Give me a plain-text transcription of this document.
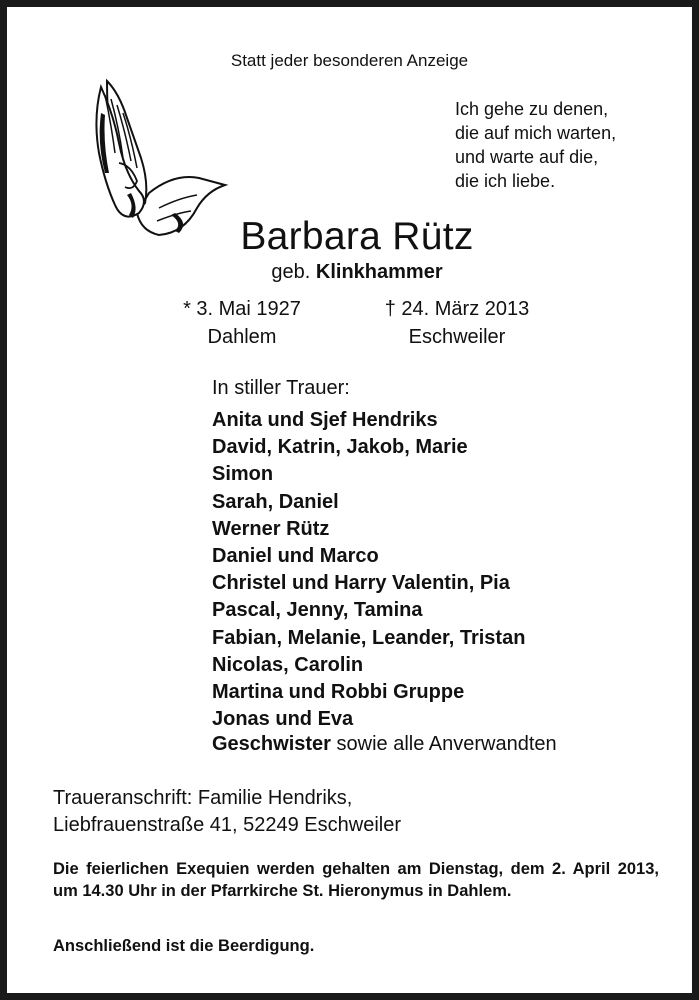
Statt jeder besonderen Anzeige
Ich gehe zu denen,
die auf mich warten,
und warte auf die,
die ich liebe.
Barbara Rütz
geb. Klinkhammer
* 3. Mai 1927
Dahlem
† 24. März 2013
Eschweiler
In stiller Trauer:
Anita und Sjef Hendriks
David, Katrin, Jakob, Marie
Simon
Sarah, Daniel
Werner Rütz
Daniel und Marco
Christel und Harry Valentin, Pia
Pascal, Jenny, Tamina
Fabian, Melanie, Leander, Tristan
Nicolas, Carolin
Martina und Robbi Gruppe
Jonas und Eva
Geschwister sowie alle Anverwandten
Traueranschrift: Familie Hendriks,
Liebfrauenstraße 41, 52249 Eschweiler
Die feierlichen Exequien werden gehalten am Dienstag, dem 2. April 2013, um 14.30 Uhr in der Pfarrkirche St. Hieronymus in Dahlem.
Anschließend ist die Beerdigung.
